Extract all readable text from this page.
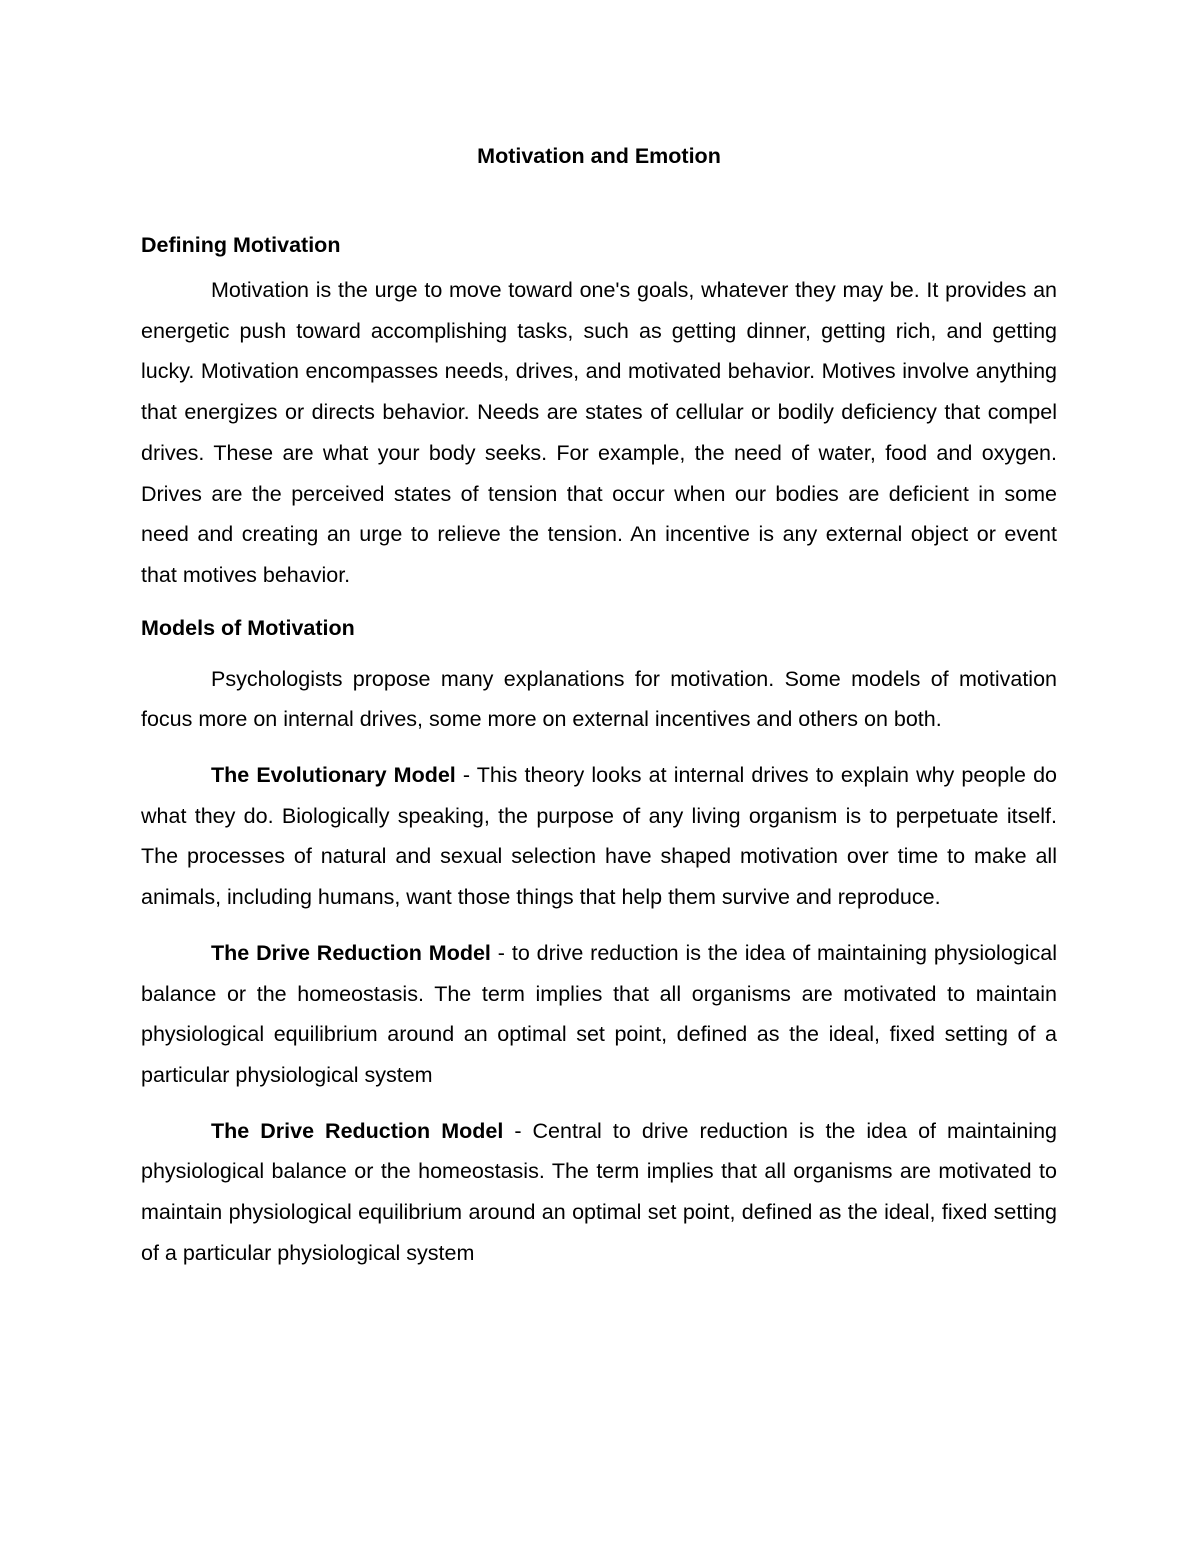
Motivation and Emotion
Defining Motivation

Motivation is the urge to move toward one's goals, whatever they may be. It provides an energetic push toward accomplishing tasks, such as getting dinner, getting rich, and getting lucky. Motivation encompasses needs, drives, and motivated behavior. Motives involve anything that energizes or directs behavior. Needs are states of cellular or bodily deficiency that compel drives. These are what your body seeks. For example, the need of water, food and oxygen. Drives are the perceived states of tension that occur when our bodies are deficient in some need and creating an urge to relieve the tension. An incentive is any external object or event that motives behavior.

Models of Motivation

Psychologists propose many explanations for motivation. Some models of motivation focus more on internal drives, some more on external incentives and others on both.

The Evolutionary Model - This theory looks at internal drives to explain why people do what they do. Biologically speaking, the purpose of any living organism is to perpetuate itself. The processes of natural and sexual selection have shaped motivation over time to make all animals, including humans, want those things that help them survive and reproduce.

The Drive Reduction Model - to drive reduction is the idea of maintaining physiological balance or the homeostasis. The term implies that all organisms are motivated to maintain physiological equilibrium around an optimal set point, defined as the ideal, fixed setting of a particular physiological system

The Drive Reduction Model - Central to drive reduction is the idea of maintaining physiological balance or the homeostasis. The term implies that all organisms are motivated to maintain physiological equilibrium around an optimal set point, defined as the ideal, fixed setting of a particular physiological system
